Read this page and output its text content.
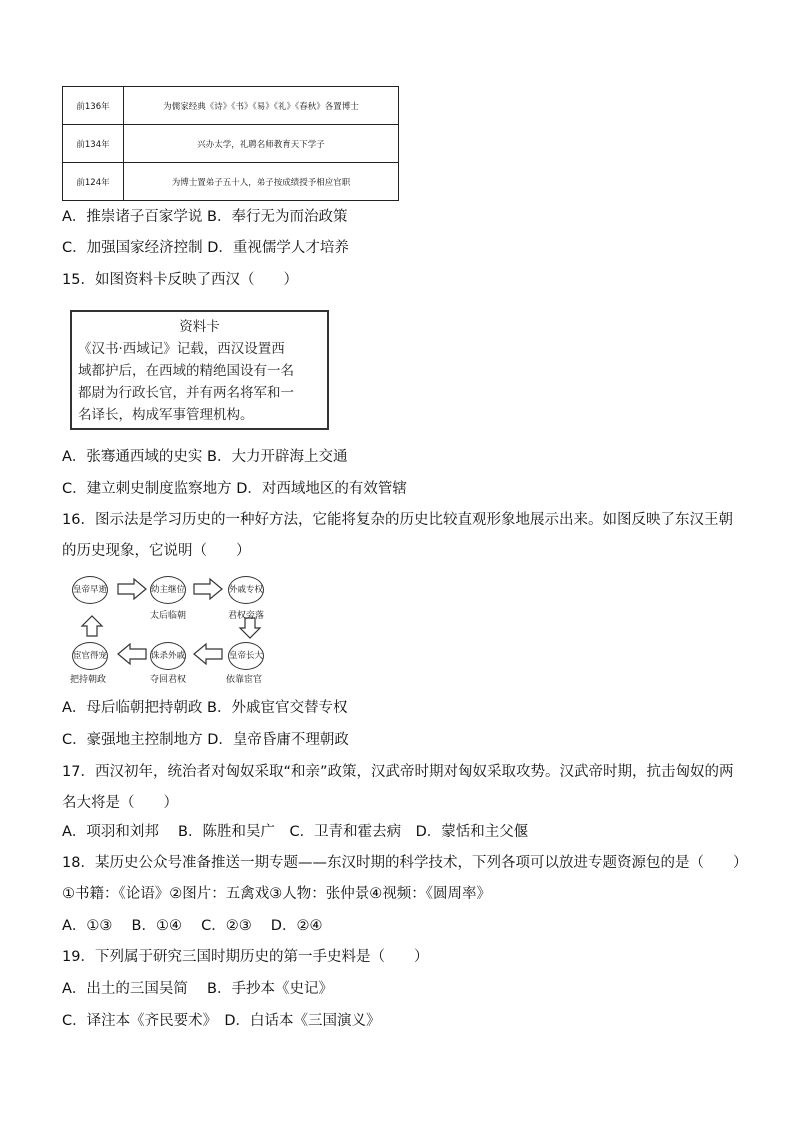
前136年	为儒家经典《诗》《书》《易》《礼》《春秋》各置博士
前134年	兴办太学，礼聘名师教育天下学子
前124年	为博士置弟子五十人，弟子按成绩授予相应官职
A．推崇诸子百家学说 B．奉行无为而治政策
C．加强国家经济控制 D．重视儒学人才培养
15．如图资料卡反映了西汉（　　）
资料卡
《汉书·西域记》记载，西汉设置西
域都护后，在西域的精绝国设有一名
都尉为行政长官，并有两名将军和一
名译长，构成军事管理机构。
A．张骞通西域的史实 B．大力开辟海上交通
C．建立刺史制度监察地方 D．对西域地区的有效管辖
16．图示法是学习历史的一种好方法，它能将复杂的历史比较直观形象地展示出来。如图反映了东汉王朝的历史现象，它说明（　　）
皇帝早逝	幼主继位	外戚专权
皇帝长大
诛杀外戚
宦官得宠
太后临朝	君权旁落
依靠宦官
夺回君权
把持朝政
A．母后临朝把持朝政 B．外戚宦官交替专权
C．豪强地主控制地方 D．皇帝昏庸不理朝政
17．西汉初年，统治者对匈奴采取“和亲”政策，汉武帝时期对匈奴采取攻势。汉武帝时期，抗击匈奴的两名大将是（　　）
A．项羽和刘邦　 B．陈胜和吴广　C．卫青和霍去病　D．蒙恬和主父偃
18．某历史公众号准备推送一期专题——东汉时期的科学技术，下列各项可以放进专题资源包的是（　　）
①书籍：《论语》②图片：五禽戏③人物：张仲景④视频：《圆周率》
A．①③　 B．①④　 C．②③　 D．②④
19．下列属于研究三国时期历史的第一手史料是（　　）
A．出土的三国吴简　 B．手抄本《史记》
C．译注本《齐民要术》　D．白话本《三国演义》
